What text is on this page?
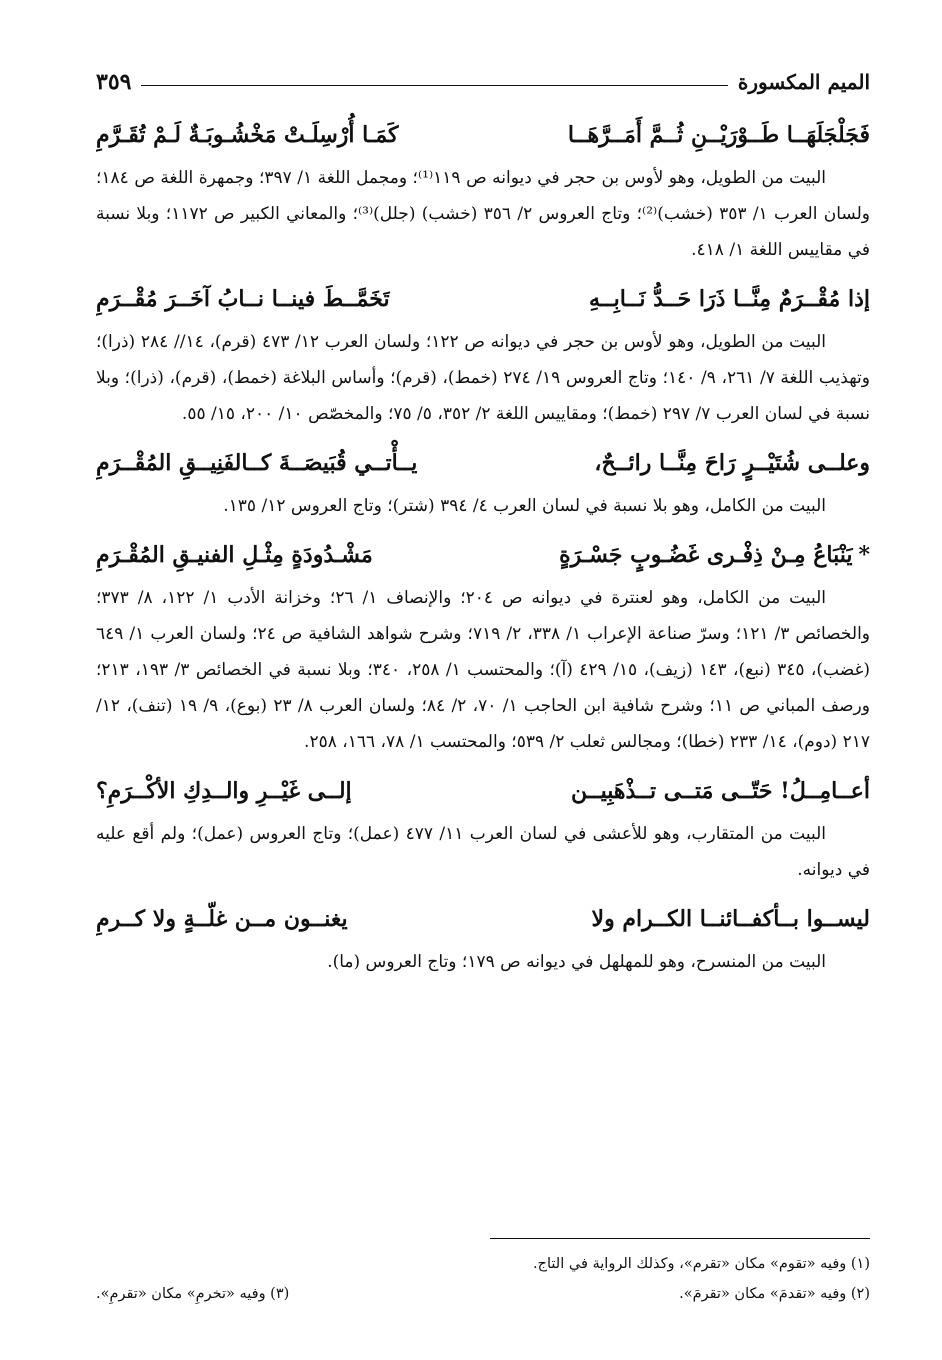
الميم المكسورة
٣٥٩
فَجَلْجَلَهَــا طَــوْرَيْــنِ ثُــمَّ أَمَــرَّهَــا
كَمَـا أُرْسِلَـتْ مَخْشُـوبَـةٌ لَـمْ تُقَـرَّمِ

البيت من الطويل، وهو لأوس بن حجر في ديوانه ص ١١٩⁽¹⁾؛ ومجمل اللغة ١/ ٣٩٧؛ وجمهرة اللغة ص ١٨٤؛ ولسان العرب ١/ ٣٥٣ (خشب)⁽²⁾؛ وتاج العروس ٢/ ٣٥٦ (خشب) (جلل)⁽³⁾؛ والمعاني الكبير ص ١١٧٢؛ وبلا نسبة في مقاييس اللغة ١/ ٤١٨.

إذا مُقْــرَمٌ مِنَّــا ذَرَا حَــدُّ نَــابِــهِ
تَخَمَّــطَ فينــا نــابُ آخَــرَ مُقْــرَمِ

البيت من الطويل، وهو لأوس بن حجر في ديوانه ص ١٢٢؛ ولسان العرب ١٢/ ٤٧٣ (قرم)، ١٤// ٢٨٤ (ذرا)؛ وتهذيب اللغة ٧/ ٢٦١، ٩/ ١٤٠؛ وتاج العروس ١٩/ ٢٧٤ (خمط)، (قرم)؛ وأساس البلاغة (خمط)، (قرم)، (ذرا)؛ وبلا نسبة في لسان العرب ٧/ ٢٩٧ (خمط)؛ ومقاييس اللغة ٢/ ٣٥٢، ٥/ ٧٥؛ والمخصّص ١٠/ ٢٠٠، ١٥/ ٥٥.

وعلــى شُتَيْــرٍ رَاحَ مِنَّــا رائــحٌ،
يــأْتــي قُبَيصَــةَ كــالفَنِيــقِ المُقْــرَمِ

البيت من الكامل، وهو بلا نسبة في لسان العرب ٤/ ٣٩٤ (شتر)؛ وتاج العروس ١٢/ ١٣٥.

*يَنْبَاعُ مِـنْ ذِفْـرى غَضُـوبٍ جَسْـرَةٍ
مَشْـدُودَةٍ مِثْـلِ الفنيـقِ المُقْـرَمِ

البيت من الكامل، وهو لعنترة في ديوانه ص ٢٠٤؛ والإنصاف ١/ ٢٦؛ وخزانة الأدب ١/ ١٢٢، ٨/ ٣٧٣؛ والخصائص ٣/ ١٢١؛ وسرّ صناعة الإعراب ١/ ٣٣٨، ٢/ ٧١٩؛ وشرح شواهد الشافية ص ٢٤؛ ولسان العرب ١/ ٦٤٩ (غضب)، ٣٤٥ (نبع)، ١٤٣ (زيف)، ١٥/ ٤٢٩ (آ)؛ والمحتسب ١/ ٢٥٨، ٣٤٠؛ وبلا نسبة في الخصائص ٣/ ١٩٣، ٢١٣؛ ورصف المباني ص ١١؛ وشرح شافية ابن الحاجب ١/ ٧٠، ٢/ ٨٤؛ ولسان العرب ٨/ ٢٣ (بوع)، ٩/ ١٩ (تنف)، ١٢/ ٢١٧ (دوم)، ١٤/ ٢٣٣ (خطا)؛ ومجالس ثعلب ٢/ ٥٣٩؛ والمحتسب ١/ ٧٨، ١٦٦، ٢٥٨.

أعــامِــلُ! حَتّــى مَتــى تــذْهَبِيــن
إلــى غَيْــرِ والــدِكِ الأكْــرَمِ؟

البيت من المتقارب، وهو للأعشى في لسان العرب ١١/ ٤٧٧ (عمل)؛ وتاج العروس (عمل)؛ ولم أقع عليه في ديوانه.

ليســوا بــأكفــائنــا الكــرام ولا
يغنــون مــن غلّــةٍ ولا كــرمِ

البيت من المنسرح، وهو للمهلهل في ديوانه ص ١٧٩؛ وتاج العروس (ما).

(١) وفيه «تقوم» مكان «تقرم»، وكذلك الرواية في التاج.
(٢) وفيه «تقدمَ» مكان «تقرمَ».
(٣) وفيه «تخرمِ» مكان «تقرمِ».
